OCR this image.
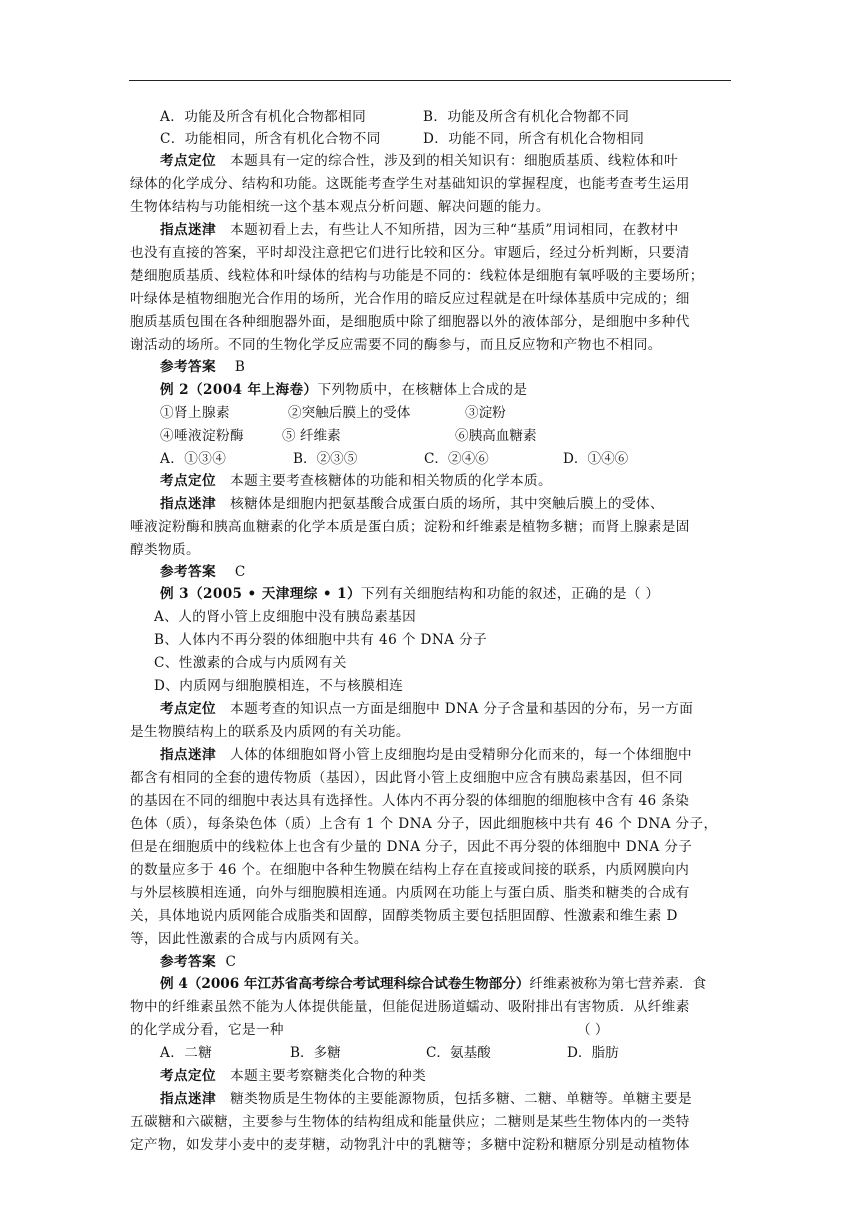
A．功能及所含有机化合物都相同	B．功能及所含有机化合物都不同
C．功能相同，所含有机化合物不同	D．功能不同，所含有机化合物相同
考点定位 本题具有一定的综合性，涉及到的相关知识有：细胞质基质、线粒体和叶
绿体的化学成分、结构和功能。这既能考查学生对基础知识的掌握程度，也能考查考生运用
生物体结构与功能相统一这个基本观点分析问题、解决问题的能力。
指点迷津 本题初看上去，有些让人不知所措，因为三种“基质”用词相同，在教材中
也没有直接的答案，平时却没注意把它们进行比较和区分。审题后，经过分析判断，只要清
楚细胞质基质、线粒体和叶绿体的结构与功能是不同的：线粒体是细胞有氧呼吸的主要场所；
叶绿体是植物细胞光合作用的场所，光合作用的暗反应过程就是在叶绿体基质中完成的；细
胞质基质包围在各种细胞器外面，是细胞质中除了细胞器以外的液体部分，是细胞中多种代
谢活动的场所。不同的生物化学反应需要不同的酶参与，而且反应物和产物也不相同。
参考答案 B
例 2（2004 年上海卷）下列物质中，在核糖体上合成的是
①肾上腺素	②突触后膜上的受体	③淀粉
④唾液淀粉酶	⑤ 纤维素	⑥胰高血糖素
A．①③④	B．②③⑤	C．②④⑥	D．①④⑥
考点定位 本题主要考查核糖体的功能和相关物质的化学本质。
指点迷津 核糖体是细胞内把氨基酸合成蛋白质的场所，其中突触后膜上的受体、
唾液淀粉酶和胰高血糖素的化学本质是蛋白质；淀粉和纤维素是植物多糖；而肾上腺素是固
醇类物质。
参考答案 C
例 3（2005 • 天津理综 • 1）下列有关细胞结构和功能的叙述，正确的是（ ）
A、人的肾小管上皮细胞中没有胰岛素基因
B、人体内不再分裂的体细胞中共有 46 个 DNA 分子
C、性激素的合成与内质网有关
D、内质网与细胞膜相连，不与核膜相连
考点定位 本题考查的知识点一方面是细胞中 DNA 分子含量和基因的分布，另一方面
是生物膜结构上的联系及内质网的有关功能。
指点迷津 人体的体细胞如肾小管上皮细胞均是由受精卵分化而来的，每一个体细胞中
都含有相同的全套的遗传物质（基因），因此肾小管上皮细胞中应含有胰岛素基因，但不同
的基因在不同的细胞中表达具有选择性。人体内不再分裂的体细胞的细胞核中含有 46 条染
色体（质），每条染色体（质）上含有 1 个 DNA 分子，因此细胞核中共有 46 个 DNA 分子，
但是在细胞质中的线粒体上也含有少量的 DNA 分子，因此不再分裂的体细胞中 DNA 分子
的数量应多于 46 个。在细胞中各种生物膜在结构上存在直接或间接的联系，内质网膜向内
与外层核膜相连通，向外与细胞膜相连通。内质网在功能上与蛋白质、脂类和糖类的合成有
关，具体地说内质网能合成脂类和固醇，固醇类物质主要包括胆固醇、性激素和维生素 D
等，因此性激素的合成与内质网有关。
参考答案 C
例 4（2006 年江苏省高考综合考试理科综合试卷生物部分）纤维素被称为第七营养素．食
物中的纤维素虽然不能为人体提供能量，但能促进肠道蠕动、吸附排出有害物质．从纤维素
的化学成分看，它是一种	（ ）
A．二糖	B．多糖	C．氨基酸	D．脂肪
考点定位 本题主要考察糖类化合物的种类
指点迷津 糖类物质是生物体的主要能源物质，包括多糖、二糖、单糖等。单糖主要是
五碳糖和六碳糖，主要参与生物体的结构组成和能量供应；二糖则是某些生物体内的一类特
定产物，如发芽小麦中的麦芽糖，动物乳汁中的乳糖等；多糖中淀粉和糖原分别是动植物体
